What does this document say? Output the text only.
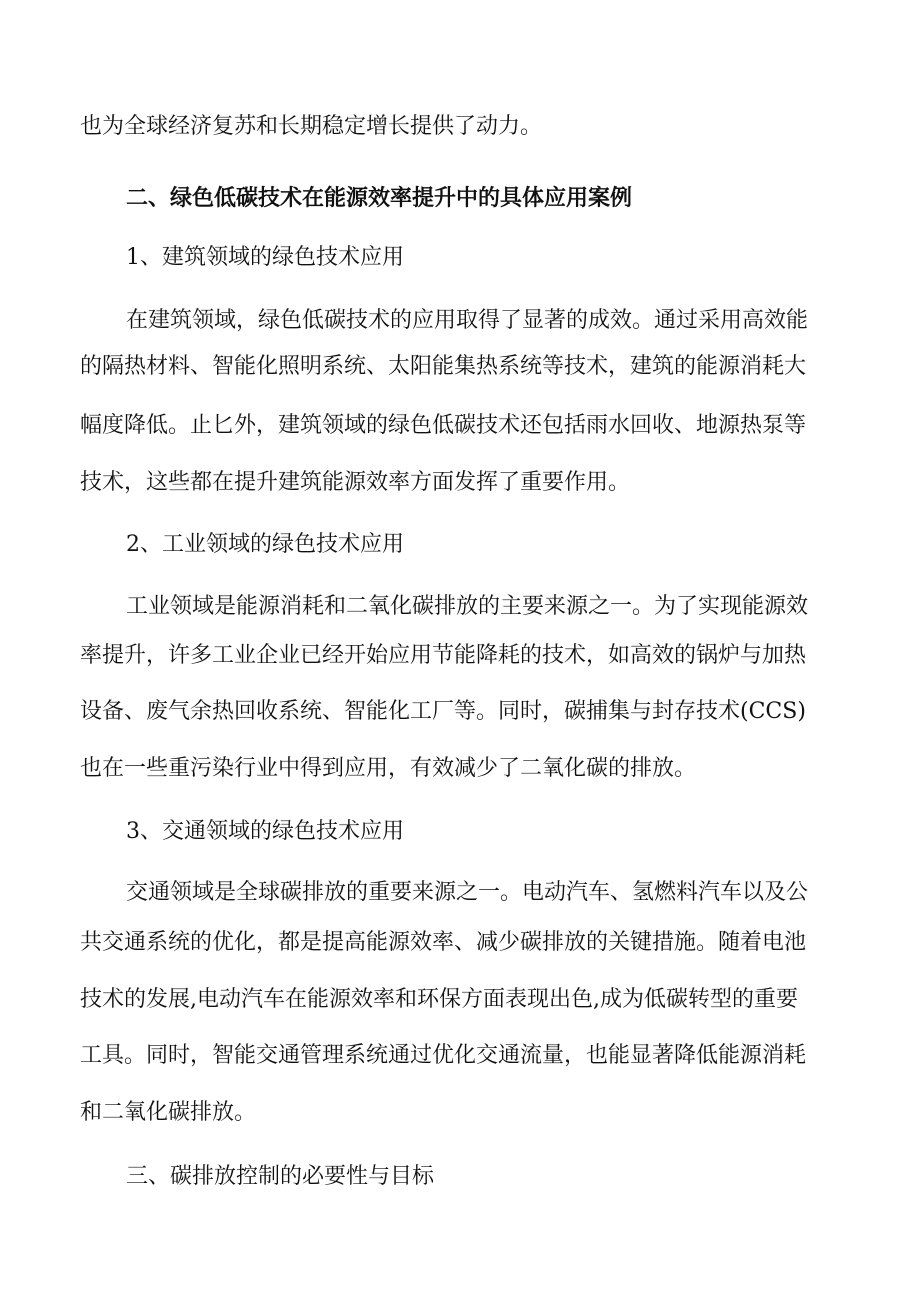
也为全球经济复苏和长期稳定增长提供了动力。
二、绿色低碳技术在能源效率提升中的具体应用案例
1、建筑领域的绿色技术应用
在建筑领域，绿色低碳技术的应用取得了显著的成效。通过采用高效能
的隔热材料、智能化照明系统、太阳能集热系统等技术，建筑的能源消耗大
幅度降低。止匕外，建筑领域的绿色低碳技术还包括雨水回收、地源热泵等
技术，这些都在提升建筑能源效率方面发挥了重要作用。
2、工业领域的绿色技术应用
工业领域是能源消耗和二氧化碳排放的主要来源之一。为了实现能源效
率提升，许多工业企业已经开始应用节能降耗的技术，如高效的锅炉与加热
设备、废气余热回收系统、智能化工厂等。同时，碳捕集与封存技术(CCS)
也在一些重污染行业中得到应用，有效减少了二氧化碳的排放。
3、交通领域的绿色技术应用
交通领域是全球碳排放的重要来源之一。电动汽车、氢燃料汽车以及公
共交通系统的优化，都是提高能源效率、减少碳排放的关键措施。随着电池
技术的发展,电动汽车在能源效率和环保方面表现出色,成为低碳转型的重要
工具。同时，智能交通管理系统通过优化交通流量，也能显著降低能源消耗
和二氧化碳排放。
三、碳排放控制的必要性与目标
